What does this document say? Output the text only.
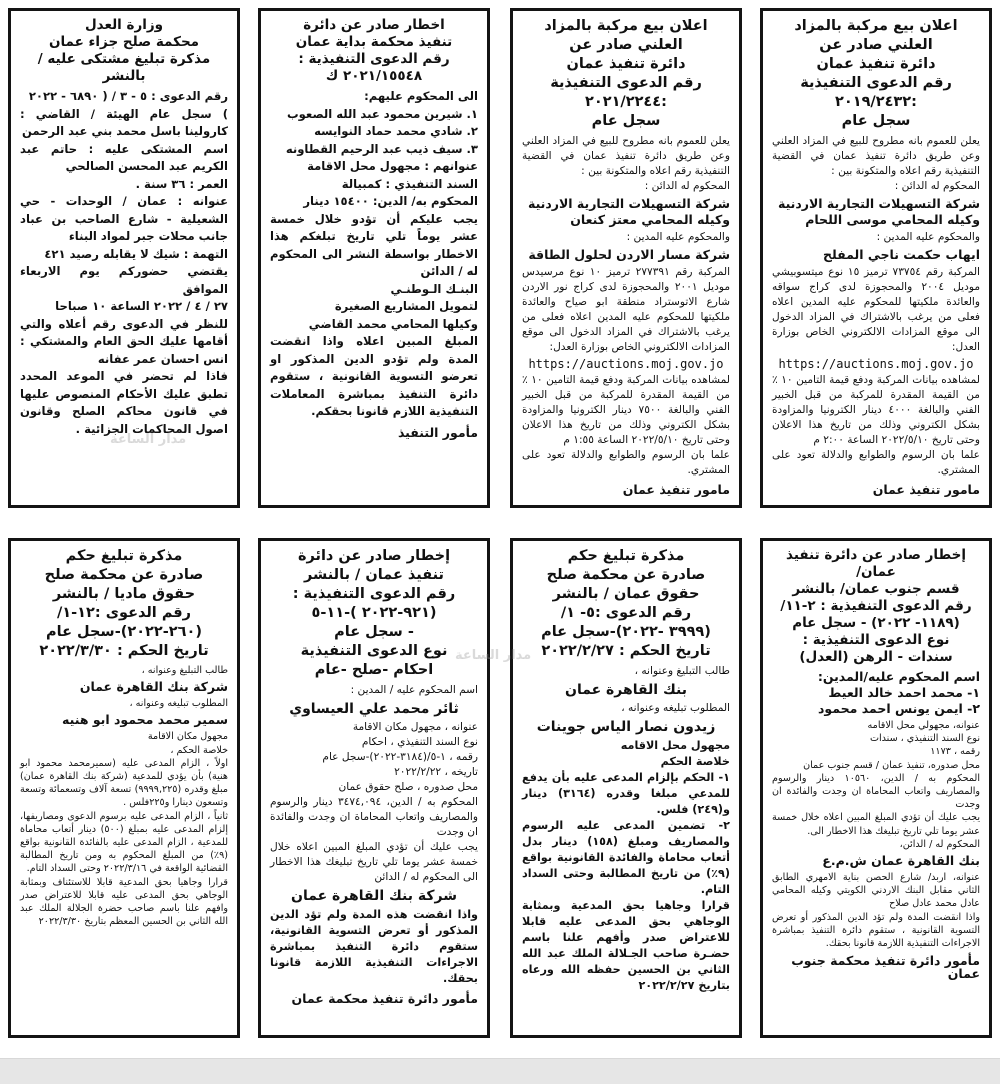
اعلان بيع مركبة بالمزاد العلني صادر عن
دائرة تنفيذ عمان
رقم الدعوى التنفيذية :٢٠١٩/٢٤٣٢
سجل عام
يعلن للعموم بانه مطروح للبيع في المزاد العلني وعن طريق دائرة تنفيذ عمان في القضية التنفيذية رقم اعلاه والمتكونة بين :
المحكوم له الدائن :
شركة التسهيلات التجارية الاردنية
وكيله المحامي موسى اللحام
والمحكوم عليه المدين :
ايهاب حكمت ناجي المفلح
المركبة رقم ٧٣٧٥٤ ترميز ١٥ نوع ميتسوبيشي موديل ٢٠٠٤ والمحجوزة لدى كراج سواقه والعائدة ملكيتها للمحكوم عليه المدين اعلاه فعلى من يرغب بالاشتراك في المزاد الدخول الى موقع المزادات الالكتروني الخاص بوزارة العدل:
https://auctions.moj.gov.jo
لمشاهده بيانات المركبة ودفع قيمة التامين ١٠ ٪ من القيمة المقدرة للمركبة من قبل الخبير الفني والبالغة ٤٠٠٠ دينار الكترونيا والمزاودة بشكل الكتروني وذلك من تاريخ هذا الاعلان وحتى تاريخ ٢٠٢٢/٥/١٠ الساعة ٢:٠٠ م
علما بان الرسوم والطوابع والدلالة تعود على المشتري.
مامور تنفيذ عمان
اعلان بيع مركبة بالمزاد العلني صادر عن
دائرة تنفيذ عمان
رقم الدعوى التنفيذية :٢٠٢١/٢٢٤٤
سجل عام
يعلن للعموم بانه مطروح للبيع في المزاد العلني وعن طريق دائرة تنفيذ عمان في القضية التنفيذية رقم اعلاه والمتكونة بين :
المحكوم له الدائن :
شركة التسهيلات التجارية الاردنية
وكيله المحامي معتز كنعان
والمحكوم عليه المدين :
شركة مسار الاردن لحلول الطاقة
المركبة رقم ٢٧٧٣٩١ ترميز ١٠ نوع مرسيدس موديل ٢٠٠١ والمحجوزة لدى كراج نور الاردن شارع الاتوستراد منطقة ابو صياح والعائدة ملكيتها للمحكوم عليه المدين اعلاه فعلى من يرغب بالاشتراك في المزاد الدخول الى موقع المزادات الالكتروني الخاص بوزارة العدل:
https://auctions.moj.gov.jo
لمشاهده بيانات المركبة ودفع قيمة التامين ١٠ ٪ من القيمة المقدرة للمركبة من قبل الخبير الفني والبالغة ٧٥٠٠ دينار الكترونيا والمزاودة بشكل الكتروني وذلك من تاريخ هذا الاعلان وحتى تاريخ ٢٠٢٢/٥/١٠ الساعة ١:٥٥ م
علما بان الرسوم والطوابع والدلالة تعود على المشتري.
مامور تنفيذ عمان
اخطار صادر عن دائرة
تنفيذ محكمة بداية عمان
رقم الدعوى التنفيذية : ٢٠٢١/١٥٥٤٨ ك
الى المحكوم عليهم:
١. شيرين محمود عبد الله الصعوب
٢. شادي محمد حماد النوايسه
٣. سيف ذيب عبد الرحيم القطاونه
عنوانهم : مجهول محل الاقامة
السند التنفيذي : كمبيالة
المحكوم به/ الدين: ١٥٤٠٠ دينار
يجب عليكم أن تؤدو خلال خمسة عشر يوماً تلي تاريخ تبلغكم هذا الاخطار بواسطة النشر الى المحكوم له / الدائن
البنـك الـوطنـي
لتمويل المشاريع الصغيرة
وكيلها المحامي محمد القاضي
المبلغ المبين اعلاه واذا انقضت المدة ولم تؤدو الدين المذكور او تعرضو التسوية القانونية ، ستقوم دائرة التنفيذ بمباشرة المعاملات التنفيذية اللازم قانونا بحقكم.
مأمور التنفيذ
وزارة العدل
محكمة صلح جزاء عمان
مذكرة تبليغ مشتكى عليه / بالنشر
رقم الدعوى : ٥ - ٣ / ( ٦٨٩٠ - ٢٠٢٢
) سجل عام الهيئة / القاضي : كارولينا باسل محمد بني عبد الرحمن
اسم المشتكى عليه : حاتم عبد الكريم عبد المحسن الصالحي
العمر : ٣٦ سنة .
عنوانه : عمان / الوحدات - حي الشعيلية - شارع الصاحب بن عباد جانب محلات جبر لمواد البناء
التهمة : شيك لا يقابله رصيد ٤٢١
يقتضي حضوركم يوم الاربعاء الموافق
٢٧ / ٤ / ٢٠٢٢ الساعة ١٠ صباحا
للنظر في الدعوى رقم أعلاه والتي أقامها عليك الحق العام والمشتكي : انس احسان عمر عفانه
فاذا لم تحضر في الموعد المحدد تطبق عليك الأحكام المنصوص عليها في قانون محاكم الصلح وقانون اصول المحاكمات الجزائية .
إخطار صادر عن دائرة تنفيذ عمان/
قسم جنوب عمان/ بالنشر
رقم الدعوى التنفيذية : ٢-١١/
(١١٨٩- ٢٠٢٢) - سجل عام
نوع الدعوى التنفيذية :
سندات - الرهن (العدل)
اسم المحكوم عليه/المدين:
١- محمد احمد خالد العيط
٢- ايمن يونس احمد محمود
عنوانه، مجهولي محل الاقامه
نوع السند التنفيذي ، سندات
رقمه ، ١١٧٣
محل صدوره، تنفيذ عمان / قسم جنوب عمان
المحكوم به / الدين، ١٠٥٦٠ دينار والرسوم والمصاريف واتعاب المحاماة ان وجدت والفائدة ان وجدت
يجب عليك أن تؤدي المبلغ المبين اعلاه خلال خمسة عشر يوما تلي تاريخ تبليغك هذا الاخطار الى.
المحكوم له / الدائن،
بنك القاهرة عمان ش.م.ع
عنوانه، اربد/ شارع الحصن بناية الامهري الطابق الثاني مقابل البنك الاردني الكويتي وكيله المحامي عادل محمد عادل صلاح
واذا انقضت المدة ولم تؤد الدين المذكور أو تعرض التسوية القانونية ، ستقوم دائرة التنفيذ بمباشرة الاجراءات التنفيذية اللازمة قانونا بحقك.
مأمور دائرة تنفيذ محكمة جنوب عمان
مذكرة تبليغ حكم
صادرة عن محكمة صلح
حقوق عمان / بالنشر
رقم الدعوى :٥- ١/
(٣٩٩٩ -٢٠٢٢)-سجل عام
تاريخ الحكم : ٢٠٢٢/٢/٢٧
طالب التبليغ وعنوانه ،
بنك القاهرة عمان
المطلوب تبليغه وعنوانه ،
زيدون نصار الياس جوينات
مجهول محل الاقامه
خلاصة الحكم
١- الحكم بإلزام المدعى عليه بأن يدفع للمدعي مبلغا وقدره (٣١٦٤) دينار و(٢٤٩) فلس.
٢- تضمين المدعى عليه الرسوم والمصاريف ومبلغ (١٥٨) دينار بدل أتعاب محاماة والفائدة القانونية بواقع (٩٪) من تاريخ المطالبة وحتى السداد التام.
قرارا وجاهيا بحق المدعية وبمثابة الوجاهي بحق المدعى عليه قابلا للاعتراض صدر وأفهم علنا باسم حضـرة صاحب الجـلالة الملك عبد الله الثاني بن الحسين حفظه الله ورعاه بتاريخ ٢٠٢٢/٢/٢٧
إخطار صادر عن دائرة
تنفيذ عمان / بالنشر
رقم الدعوى التنفيذية :
(٩٢١-٢٠٢٢ )-١١-٥
- سجل عام
نوع الدعوى التنفيذية
احكام -صلح -عام
اسم المحكوم عليه / المدين :
ثائر محمد علي العيساوي
عنوانه ، مجهول مكان الاقامة
نوع السند التنفيذي ، احكام
رقمه ، ١-٥/(٣١٨٤-٢٠٢٢)-سجل عام
تاريخه ، ٢٠٢٢/٢/٢٢
محل صدوره ، صلح حقوق عمان
المحكوم به / الدين، ٣٤٧٤,٠٩٤ دينار والرسوم والمصاريف واتعاب المحاماة ان وجدت والفائدة ان وجدت
يجب عليك أن تؤدي المبلغ المبين اعلاه خلال خمسة عشر يوما تلي تاريخ تبليغك هذا الاخطار الى المحكوم له / الدائن
شركة بنك القاهرة عمان
واذا انقضت هذه المدة ولم تؤد الدين المذكور أو تعرض التسوية القانونية، ستقوم دائرة التنفيذ بمباشرة الاجراءات التنفيذية اللازمة قانونا بحقك.
مأمور دائرة تنفيذ محكمة عمان
مذكرة تبليغ حكم
صادرة عن محكمة صلح
حقوق ماديا / بالنشر
رقم الدعوى :١٢-١/
(٢٦٠-٢٠٢٢)-سجل عام
تاريخ الحكم : ٢٠٢٢/٣/٣٠
طالب التبليغ وعنوانه ،
شركة بنك القاهرة عمان
المطلوب تبليغه وعنوانه ،
سمير محمد محمود ابو هنيه
مجهول مكان الاقامة
خلاصة الحكم ،
اولاً ، الزام المدعى عليه (سميرمحمد محمود ابو هنية) بأن يؤدي للمدعية (شركة بنك القاهرة عمان) مبلغ وقدره (٩٩٩٩,٢٢٥) تسعة آلاف وتسعمائة وتسعة وتسعون دينارا و٢٢٥فلس .
ثانياً ، الزام المدعى عليه برسوم الدعوى ومصاريفها، إلزام المدعى عليه بمبلغ (٥٠٠) دينار أتعاب محاماة للمدعية ، الزام المدعى عليه بالفائدة القانونية بواقع (٩٪) من المبلغ المحكوم به ومن تاريخ المطالبة القضائية الواقعة في ٢٠٢٢/٣/١٦ وحتى السداد التام.
قرارا وجاهيا بحق المدعية قابلا للاستئناف وبمثابة الوجاهي بحق المدعى عليه قابلا للاعتراض صدر وافهم علنا باسم صاحب حضرة الجلالة الملك عبد الله الثاني بن الحسين المعظم بتاريخ ٢٠٢٢/٣/٣٠
مدار الساعة
مدار الساعة
